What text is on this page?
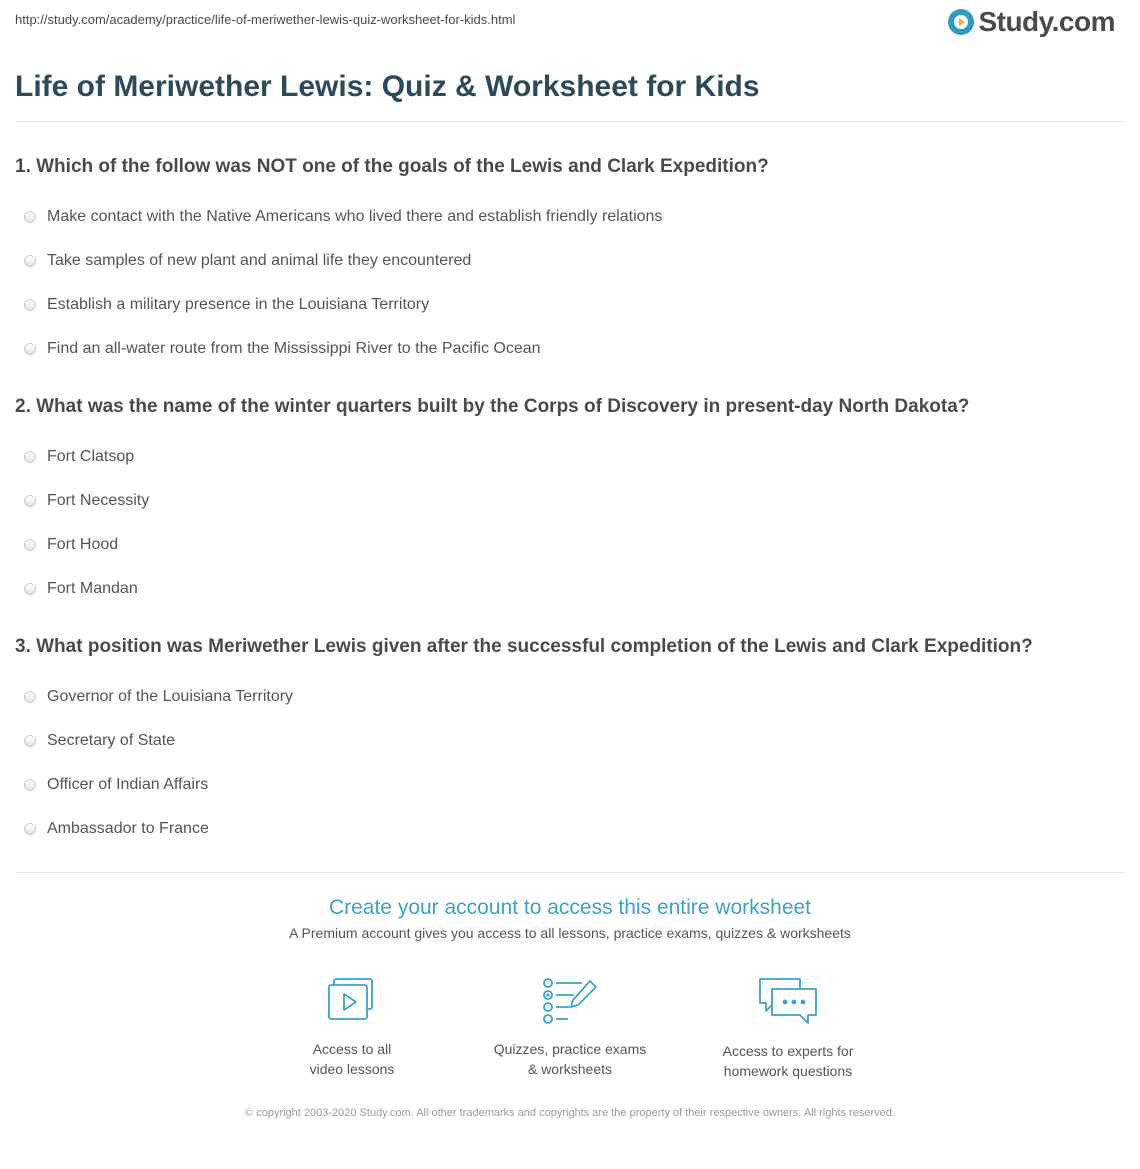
http://study.com/academy/practice/life-of-meriwether-lewis-quiz-worksheet-for-kids.html	Study.com
Life of Meriwether Lewis: Quiz & Worksheet for Kids
1. Which of the follow was NOT one of the goals of the Lewis and Clark Expedition?
Make contact with the Native Americans who lived there and establish friendly relations
Take samples of new plant and animal life they encountered
Establish a military presence in the Louisiana Territory
Find an all-water route from the Mississippi River to the Pacific Ocean
2. What was the name of the winter quarters built by the Corps of Discovery in present-day North Dakota?
Fort Clatsop
Fort Necessity
Fort Hood
Fort Mandan
3. What position was Meriwether Lewis given after the successful completion of the Lewis and Clark Expedition?
Governor of the Louisiana Territory
Secretary of State
Officer of Indian Affairs
Ambassador to France
Create your account to access this entire worksheet
A Premium account gives you access to all lessons, practice exams, quizzes & worksheets
Access to all
video lessons
Quizzes, practice exams
& worksheets
Access to experts for
homework questions
© copyright 2003-2020 Study.com. All other trademarks and copyrights are the property of their respective owners. All rights reserved.
